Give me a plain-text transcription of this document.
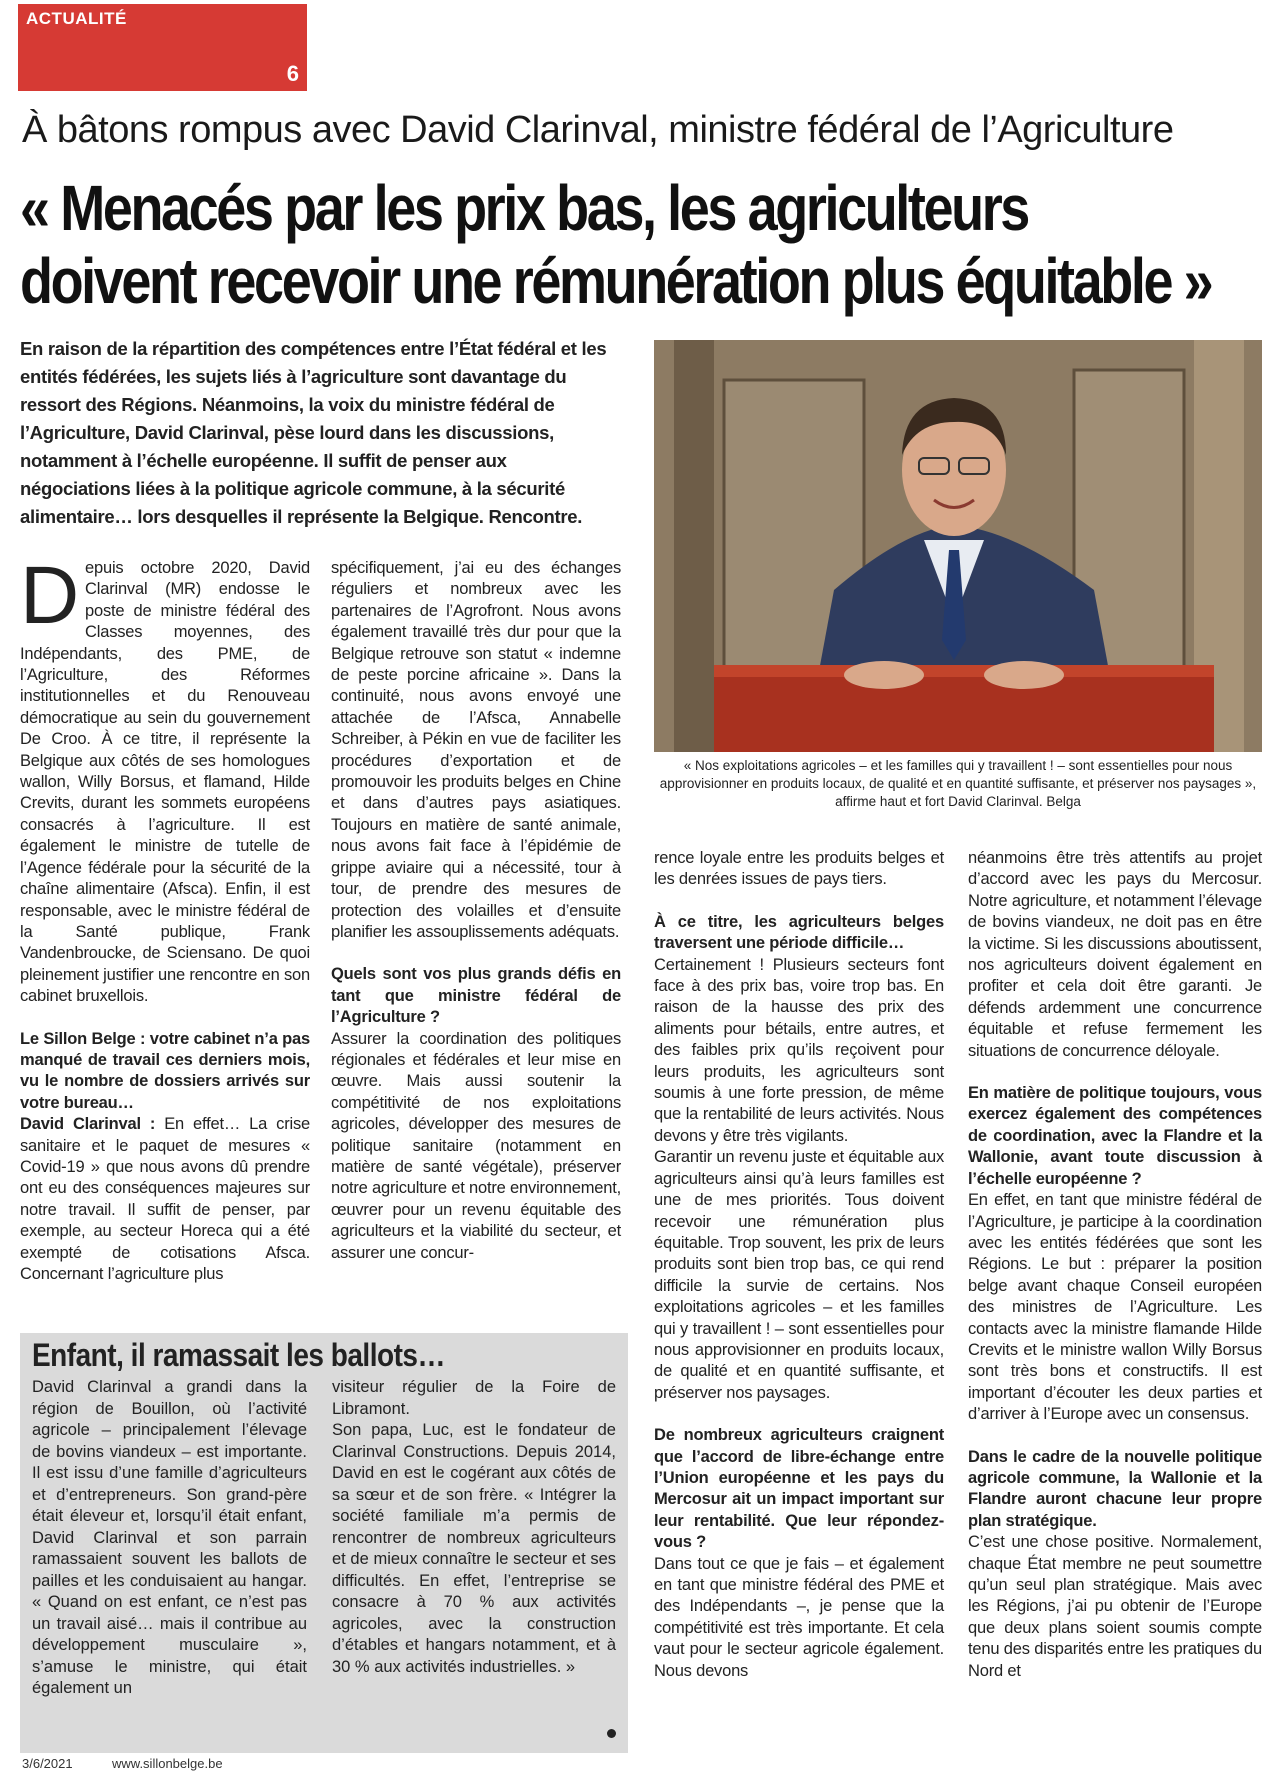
ACTUALITÉ
6
À bâtons rompus avec David Clarinval, ministre fédéral de l’Agriculture
« Menacés par les prix bas, les agriculteurs
doivent recevoir une rémunération plus équitable »

En raison de la répartition des compétences entre l’État fédéral et les entités fédérées, les sujets liés à l’agriculture sont davantage du ressort des Régions. Néanmoins, la voix du ministre fédéral de l’Agriculture, David Clarinval, pèse lourd dans les discussions, notamment à l’échelle européenne. Il suffit de penser aux négociations liées à la politique agricole commune, à la sécurité alimentaire… lors desquelles il représente la Belgique. Rencontre.

D epuis octobre 2020, David Clarinval (MR) endosse le poste de ministre fédéral des Classes moyennes, des Indépendants, des PME, de l’Agriculture, des Réformes institutionnelles et du Renouveau démocratique au sein du gouvernement De Croo. À ce titre, il représente la Belgique aux côtés de ses homologues wallon, Willy Borsus, et flamand, Hilde Crevits, durant les sommets européens consacrés à l’agriculture. Il est également le ministre de tutelle de l’Agence fédérale pour la sécurité de la chaîne alimentaire (Afsca). Enfin, il est responsable, avec le ministre fédéral de la Santé publique, Frank Vandenbroucke, de Sciensano. De quoi pleinement justifier une rencontre en son cabinet bruxellois.

Le Sillon Belge : votre cabinet n’a pas manqué de travail ces derniers mois, vu le nombre de dossiers arrivés sur votre bureau…

David Clarinval : En effet… La crise sanitaire et le paquet de mesures « Covid-19 » que nous avons dû prendre ont eu des conséquences majeures sur notre travail. Il suffit de penser, par exemple, au secteur Horeca qui a été exempté de cotisations Afsca. Concernant l’agriculture plus

spécifiquement, j’ai eu des échanges réguliers et nombreux avec les partenaires de l’Agrofront. Nous avons également travaillé très dur pour que la Belgique retrouve son statut « indemne de peste porcine africaine ». Dans la continuité, nous avons envoyé une attachée de l’Afsca, Annabelle Schreiber, à Pékin en vue de faciliter les procédures d’exportation et de promouvoir les produits belges en Chine et dans d’autres pays asiatiques. Toujours en matière de santé animale, nous avons fait face à l’épidémie de grippe aviaire qui a nécessité, tour à tour, de prendre des mesures de protection des volailles et d’ensuite planifier les assouplissements adéquats.

Quels sont vos plus grands défis en tant que ministre fédéral de l’Agriculture ?

Assurer la coordination des politiques régionales et fédérales et leur mise en œuvre. Mais aussi soutenir la compétitivité de nos exploitations agricoles, développer des mesures de politique sanitaire (notamment en matière de santé végétale), préserver notre agriculture et notre environnement, œuvrer pour un revenu équitable des agriculteurs et la viabilité du secteur, et assurer une concur-

« Nos exploitations agricoles – et les familles qui y travaillent ! – sont essentielles pour nous approvisionner en produits locaux, de qualité et en quantité suffisante, et préserver nos paysages », affirme haut et fort David Clarinval. Belga

rence loyale entre les produits belges et les denrées issues de pays tiers.

À ce titre, les agriculteurs belges traversent une période difficile…

Certainement ! Plusieurs secteurs font face à des prix bas, voire trop bas. En raison de la hausse des prix des aliments pour bétails, entre autres, et des faibles prix qu’ils reçoivent pour leurs produits, les agriculteurs sont soumis à une forte pression, de même que la rentabilité de leurs activités. Nous devons y être très vigilants.

Garantir un revenu juste et équitable aux agriculteurs ainsi qu’à leurs familles est une de mes priorités. Tous doivent recevoir une rémunération plus équitable. Trop souvent, les prix de leurs produits sont bien trop bas, ce qui rend difficile la survie de certains. Nos exploitations agricoles – et les familles qui y travaillent ! – sont essentielles pour nous approvisionner en produits locaux, de qualité et en quantité suffisante, et préserver nos paysages.

De nombreux agriculteurs craignent que l’accord de libre-échange entre l’Union européenne et les pays du Mercosur ait un impact important sur leur rentabilité. Que leur répondez-vous ?

Dans tout ce que je fais – et également en tant que ministre fédéral des PME et des Indépendants –, je pense que la compétitivité est très importante. Et cela vaut pour le secteur agricole également. Nous devons

néanmoins être très attentifs au projet d’accord avec les pays du Mercosur. Notre agriculture, et notamment l’élevage de bovins viandeux, ne doit pas en être la victime. Si les discussions aboutissent, nos agriculteurs doivent également en profiter et cela doit être garanti. Je défends ardemment une concurrence équitable et refuse fermement les situations de concurrence déloyale.

En matière de politique toujours, vous exercez également des compétences de coordination, avec la Flandre et la Wallonie, avant toute discussion à l’échelle européenne ?

En effet, en tant que ministre fédéral de l’Agriculture, je participe à la coordination avec les entités fédérées que sont les Régions. Le but : préparer la position belge avant chaque Conseil européen des ministres de l’Agriculture. Les contacts avec la ministre flamande Hilde Crevits et le ministre wallon Willy Borsus sont très bons et constructifs. Il est important d’écouter les deux parties et d’arriver à l’Europe avec un consensus.

Dans le cadre de la nouvelle politique agricole commune, la Wallonie et la Flandre auront chacune leur propre plan stratégique.

C’est une chose positive. Normalement, chaque État membre ne peut soumettre qu’un seul plan stratégique. Mais avec les Régions, j’ai pu obtenir de l’Europe que deux plans soient soumis compte tenu des disparités entre les pratiques du Nord et

Enfant, il ramassait les ballots…

David Clarinval a grandi dans la région de Bouillon, où l’activité agricole – principalement l’élevage de bovins viandeux – est importante. Il est issu d’une famille d’agriculteurs et d’entrepreneurs. Son grand-père était éleveur et, lorsqu’il était enfant, David Clarinval et son parrain ramassaient souvent les ballots de pailles et les conduisaient au hangar. « Quand on est enfant, ce n’est pas un travail aisé… mais il contribue au développement musculaire », s’amuse le ministre, qui était également un

visiteur régulier de la Foire de Libramont.

Son papa, Luc, est le fondateur de Clarinval Constructions. Depuis 2014, David en est le cogérant aux côtés de sa sœur et de son frère. « Intégrer la société familiale m’a permis de rencontrer de nombreux agriculteurs et de mieux connaître le secteur et ses difficultés. En effet, l’entreprise se consacre à 70 % aux activités agricoles, avec la construction d’étables et hangars notamment, et à 30 % aux activités industrielles. »

3/6/2021	www.sillonbelge.be
